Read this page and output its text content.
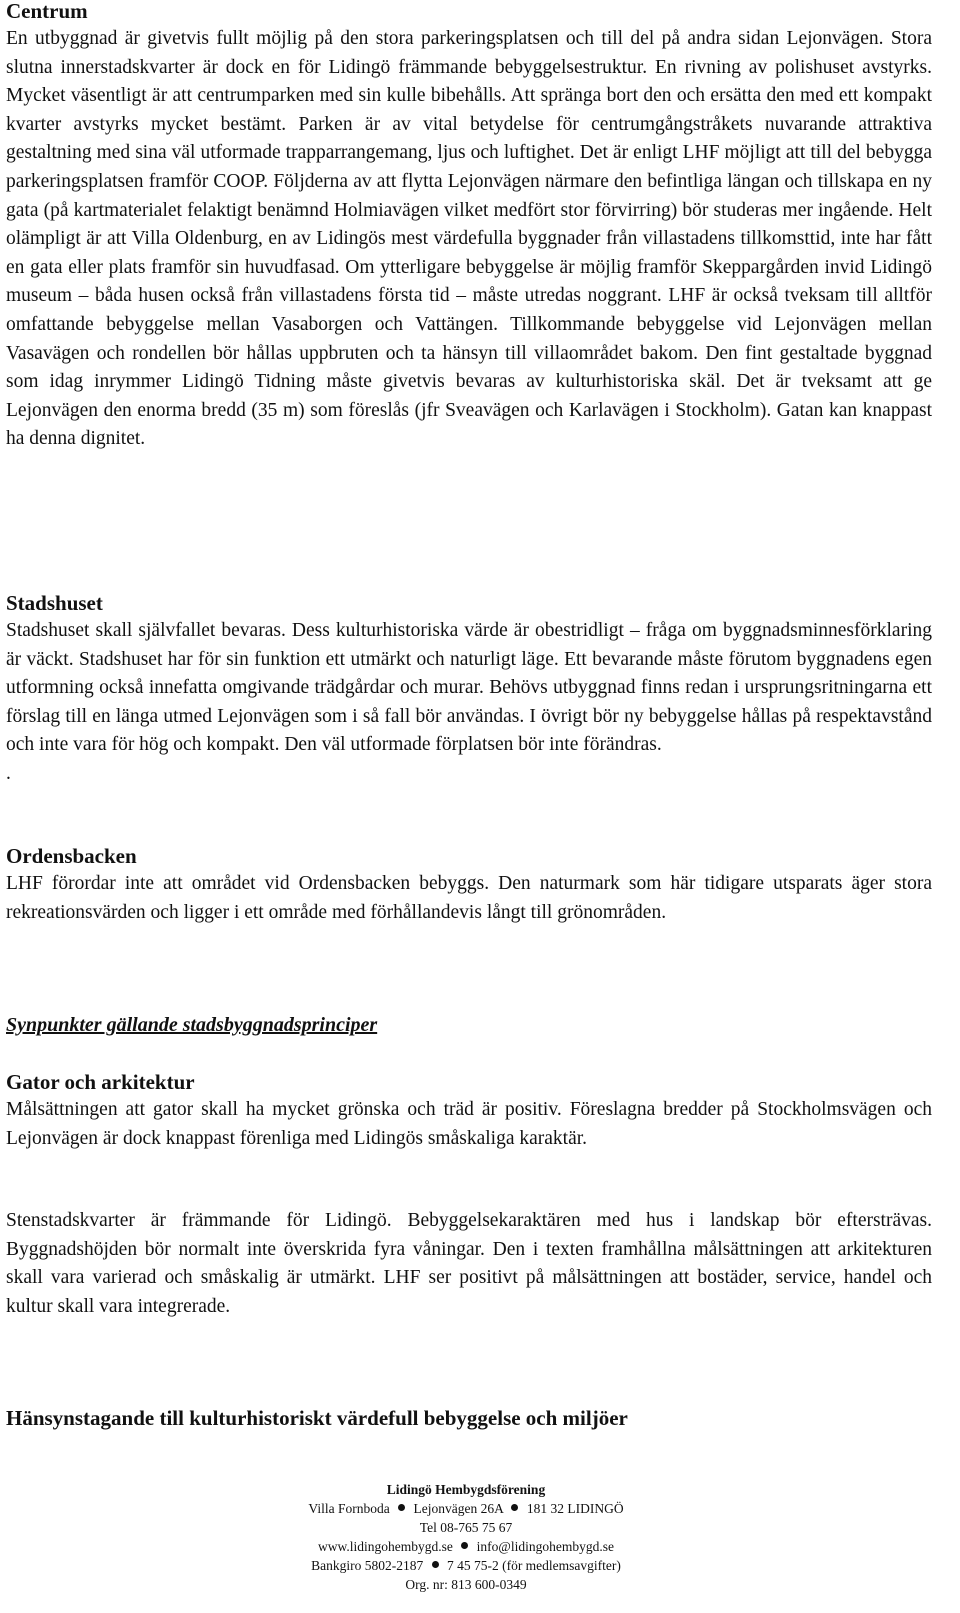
Centrum

En utbyggnad är givetvis fullt möjlig på den stora parkeringsplatsen och till del på andra sidan Lejonvägen. Stora slutna innerstadskvarter är dock en för Lidingö främmande bebyggelsestruktur. En rivning av polishuset avstyrks. Mycket väsentligt är att centrumparken med sin kulle bibehålls. Att spränga bort den och ersätta den med ett kompakt kvarter avstyrks mycket bestämt. Parken är av vital betydelse för centrumgångstråkets nuvarande attraktiva gestaltning med sina väl utformade trapparrangemang, ljus och luftighet. Det är enligt LHF möjligt att till del bebygga parkeringsplatsen framför COOP. Följderna av att flytta Lejonvägen närmare den befintliga längan och tillskapa en ny gata (på kartmaterialet felaktigt benämnd Holmiavägen vilket medfört stor förvirring) bör studeras mer ingående. Helt olämpligt är att Villa Oldenburg, en av Lidingös mest värdefulla byggnader från villastadens tillkomsttid, inte har fått en gata eller plats framför sin huvudfasad. Om ytterligare bebyggelse är möjlig framför Skeppargården invid Lidingö museum – båda husen också från villastadens första tid – måste utredas noggrant. LHF är också tveksam till alltför omfattande bebyggelse mellan Vasaborgen och Vattängen. Tillkommande bebyggelse vid Lejonvägen mellan Vasavägen och rondellen bör hållas uppbruten och ta hänsyn till villaområdet bakom. Den fint gestaltade byggnad som idag inrymmer Lidingö Tidning måste givetvis bevaras av kulturhistoriska skäl. Det är tveksamt att ge Lejonvägen den enorma bredd (35 m) som föreslås (jfr Sveavägen och Karlavägen i Stockholm). Gatan kan knappast ha denna dignitet.

Stadshuset

Stadshuset skall självfallet bevaras. Dess kulturhistoriska värde är obestridligt – fråga om byggnadsminnesförklaring är väckt. Stadshuset har för sin funktion ett utmärkt och naturligt läge. Ett bevarande måste förutom byggnadens egen utformning också innefatta omgivande trädgårdar och murar. Behövs utbyggnad finns redan i ursprungsritningarna ett förslag till en länga utmed Lejonvägen som i så fall bör användas. I övrigt bör ny bebyggelse hållas på respektavstånd och inte vara för hög och kompakt. Den väl utformade förplatsen bör inte förändras.

.

Ordensbacken

LHF förordar inte att området vid Ordensbacken bebyggs. Den naturmark som här tidigare utsparats äger stora rekreationsvärden och ligger i ett område med förhållandevis långt till grönområden.

Synpunkter gällande stadsbyggnadsprinciper

Gator och arkitektur

Målsättningen att gator skall ha mycket grönska och träd är positiv. Föreslagna bredder på Stockholmsvägen och Lejonvägen är dock knappast förenliga med Lidingös småskaliga karaktär.

Stenstadskvarter är främmande för Lidingö. Bebyggelsekaraktären med hus i landskap bör eftersträvas. Byggnadshöjden bör normalt inte överskrida fyra våningar. Den i texten framhållna målsättningen att arkitekturen skall vara varierad och småskalig är utmärkt. LHF ser positivt på målsättningen att bostäder, service, handel och kultur skall vara integrerade.

Hänsynstagande till kulturhistoriskt värdefull bebyggelse och miljöer

Lidingö Hembygdsförening
Villa Fornboda Lejonvägen 26A 181 32 LIDINGÖ
Tel 08-765 75 67
www.lidingohembygd.se info@lidingohembygd.se
Bankgiro 5802-2187 7 45 75-2 (för medlemsavgifter)
Org. nr: 813 600-0349
